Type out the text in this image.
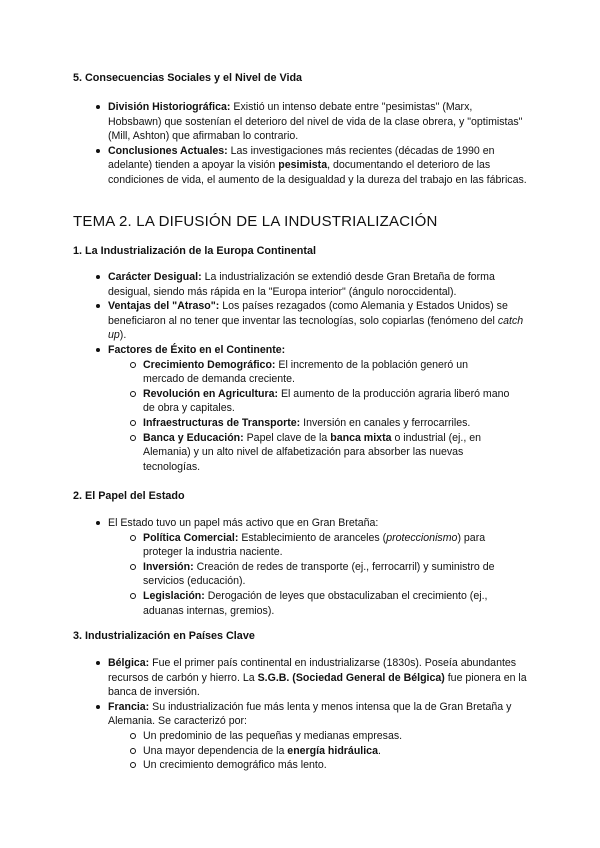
5. Consecuencias Sociales y el Nivel de Vida
División Historiográfica: Existió un intenso debate entre "pesimistas" (Marx, Hobsbawn) que sostenían el deterioro del nivel de vida de la clase obrera, y "optimistas" (Mill, Ashton) que afirmaban lo contrario.
Conclusiones Actuales: Las investigaciones más recientes (décadas de 1990 en adelante) tienden a apoyar la visión pesimista, documentando el deterioro de las condiciones de vida, el aumento de la desigualdad y la dureza del trabajo en las fábricas.
TEMA 2. LA DIFUSIÓN DE LA INDUSTRIALIZACIÓN
1. La Industrialización de la Europa Continental
Carácter Desigual: La industrialización se extendió desde Gran Bretaña de forma desigual, siendo más rápida en la "Europa interior" (ángulo noroccidental).
Ventajas del "Atraso": Los países rezagados (como Alemania y Estados Unidos) se beneficiaron al no tener que inventar las tecnologías, solo copiarlas (fenómeno del catch up).
Factores de Éxito en el Continente:
Crecimiento Demográfico: El incremento de la población generó un mercado de demanda creciente.
Revolución en Agricultura: El aumento de la producción agraria liberó mano de obra y capitales.
Infraestructuras de Transporte: Inversión en canales y ferrocarriles.
Banca y Educación: Papel clave de la banca mixta o industrial (ej., en Alemania) y un alto nivel de alfabetización para absorber las nuevas tecnologías.
2. El Papel del Estado
El Estado tuvo un papel más activo que en Gran Bretaña:
Política Comercial: Establecimiento de aranceles (proteccionismo) para proteger la industria naciente.
Inversión: Creación de redes de transporte (ej., ferrocarril) y suministro de servicios (educación).
Legislación: Derogación de leyes que obstaculizaban el crecimiento (ej., aduanas internas, gremios).
3. Industrialización en Países Clave
Bélgica: Fue el primer país continental en industrializarse (1830s). Poseía abundantes recursos de carbón y hierro. La S.G.B. (Sociedad General de Bélgica) fue pionera en la banca de inversión.
Francia: Su industrialización fue más lenta y menos intensa que la de Gran Bretaña y Alemania. Se caracterizó por:
Un predominio de las pequeñas y medianas empresas.
Una mayor dependencia de la energía hidráulica.
Un crecimiento demográfico más lento.
